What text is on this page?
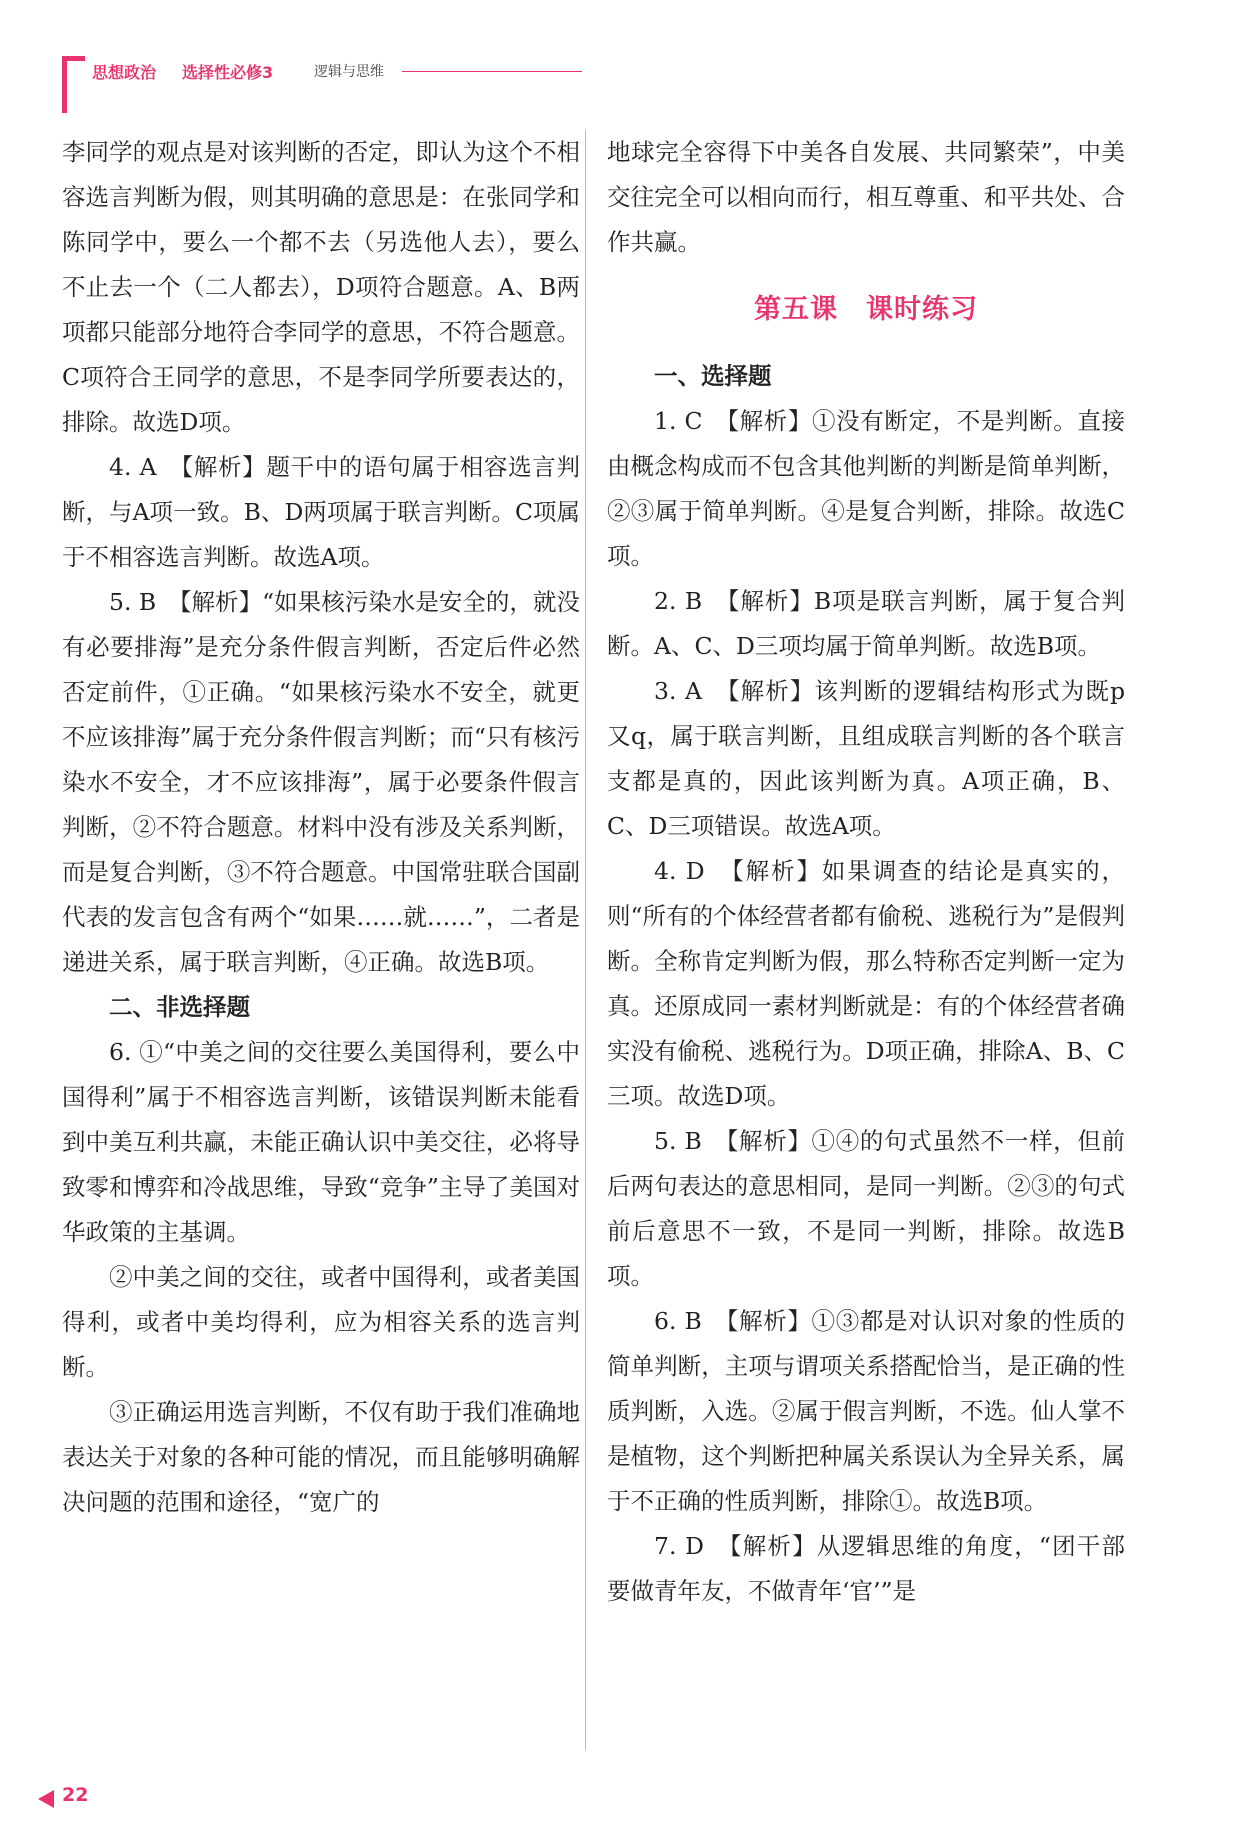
思想政治 选择性必修3	逻辑与思维

李同学的观点是对该判断的否定，即认为这个不相容选言判断为假，则其明确的意思是：在张同学和陈同学中，要么一个都不去（另选他人去），要么不止去一个（二人都去），D项符合题意。A、B两项都只能部分地符合李同学的意思，不符合题意。C项符合王同学的意思，不是李同学所要表达的，排除。故选D项。

4. A　【解析】题干中的语句属于相容选言判断，与A项一致。B、D两项属于联言判断。C项属于不相容选言判断。故选A项。

5. B　【解析】“如果核污染水是安全的，就没有必要排海”是充分条件假言判断，否定后件必然否定前件，①正确。“如果核污染水不安全，就更不应该排海”属于充分条件假言判断；而“只有核污染水不安全，才不应该排海”，属于必要条件假言判断，②不符合题意。材料中没有涉及关系判断，而是复合判断，③不符合题意。中国常驻联合国副代表的发言包含有两个“如果……就……”，二者是递进关系，属于联言判断，④正确。故选B项。

二、非选择题

6. ①“中美之间的交往要么美国得利，要么中国得利”属于不相容选言判断，该错误判断未能看到中美互利共赢，未能正确认识中美交往，必将导致零和博弈和冷战思维，导致“竞争”主导了美国对华政策的主基调。

②中美之间的交往，或者中国得利，或者美国得利，或者中美均得利，应为相容关系的选言判断。

③正确运用选言判断，不仅有助于我们准确地表达关于对象的各种可能的情况，而且能够明确解决问题的范围和途径，“宽广的

地球完全容得下中美各自发展、共同繁荣”，中美交往完全可以相向而行，相互尊重、和平共处、合作共赢。

第五课　课时练习

一、选择题

1. C　【解析】①没有断定，不是判断。直接由概念构成而不包含其他判断的判断是简单判断，②③属于简单判断。④是复合判断，排除。故选C项。

2. B　【解析】B项是联言判断，属于复合判断。A、C、D三项均属于简单判断。故选B项。

3. A　【解析】该判断的逻辑结构形式为既p又q，属于联言判断，且组成联言判断的各个联言支都是真的，因此该判断为真。A项正确，B、C、D三项错误。故选A项。

4. D　【解析】如果调查的结论是真实的，则“所有的个体经营者都有偷税、逃税行为”是假判断。全称肯定判断为假，那么特称否定判断一定为真。还原成同一素材判断就是：有的个体经营者确实没有偷税、逃税行为。D项正确，排除A、B、C三项。故选D项。

5. B　【解析】①④的句式虽然不一样，但前后两句表达的意思相同，是同一判断。②③的句式前后意思不一致，不是同一判断，排除。故选B项。

6. B　【解析】①③都是对认识对象的性质的简单判断，主项与谓项关系搭配恰当，是正确的性质判断，入选。②属于假言判断，不选。仙人掌不是植物，这个判断把种属关系误认为全异关系，属于不正确的性质判断，排除①。故选B项。

7. D　【解析】从逻辑思维的角度，“团干部要做青年友，不做青年‘官’”是

22
